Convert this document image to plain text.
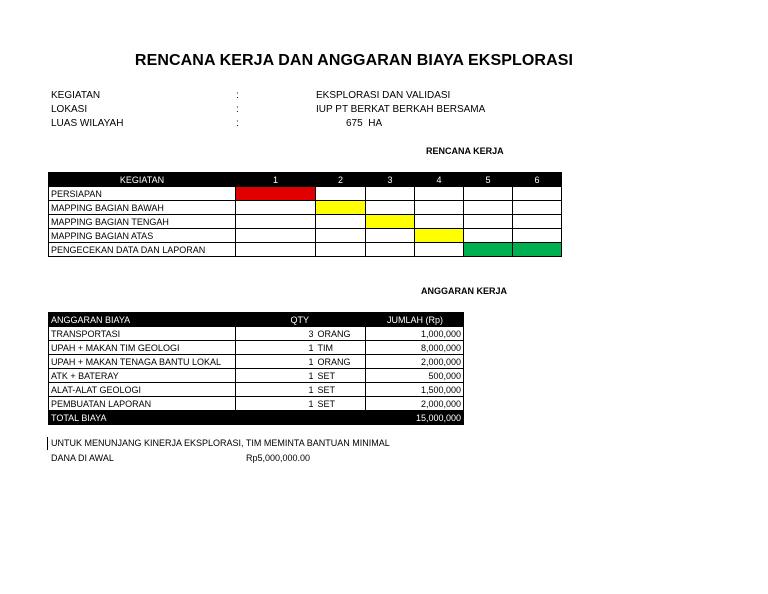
RENCANA KERJA DAN ANGGARAN BIAYA EKSPLORASI
KEGIATAN	:	EKSPLORASI DAN VALIDASI
LOKASI	:	IUP PT BERKAT BERKAH BERSAMA
LUAS WILAYAH	:	675  HA
RENCANA KERJA
KEGIATAN	1	2	3	4	5	6
PERSIAPAN						
MAPPING BAGIAN BAWAH						
MAPPING BAGIAN TENGAH						
MAPPING BAGIAN ATAS						
PENGECEKAN DATA DAN LAPORAN						
ANGGARAN KERJA
ANGGARAN BIAYA	QTY		JUMLAH (Rp)
TRANSPORTASI	3	ORANG	1,000,000
UPAH + MAKAN TIM GEOLOGI	1	TIM	8,000,000
UPAH + MAKAN TENAGA BANTU LOKAL	1	ORANG	2,000,000
ATK + BATERAY	1	SET	500,000
ALAT-ALAT GEOLOGI	1	SET	1,500,000
PEMBUATAN LAPORAN	1	SET	2,000,000
TOTAL BIAYA			15,000,000
UNTUK MENUNJANG KINERJA EKSPLORASI, TIM MEMINTA BANTUAN MINIMAL
DANA DI AWAL	Rp5,000,000.00
